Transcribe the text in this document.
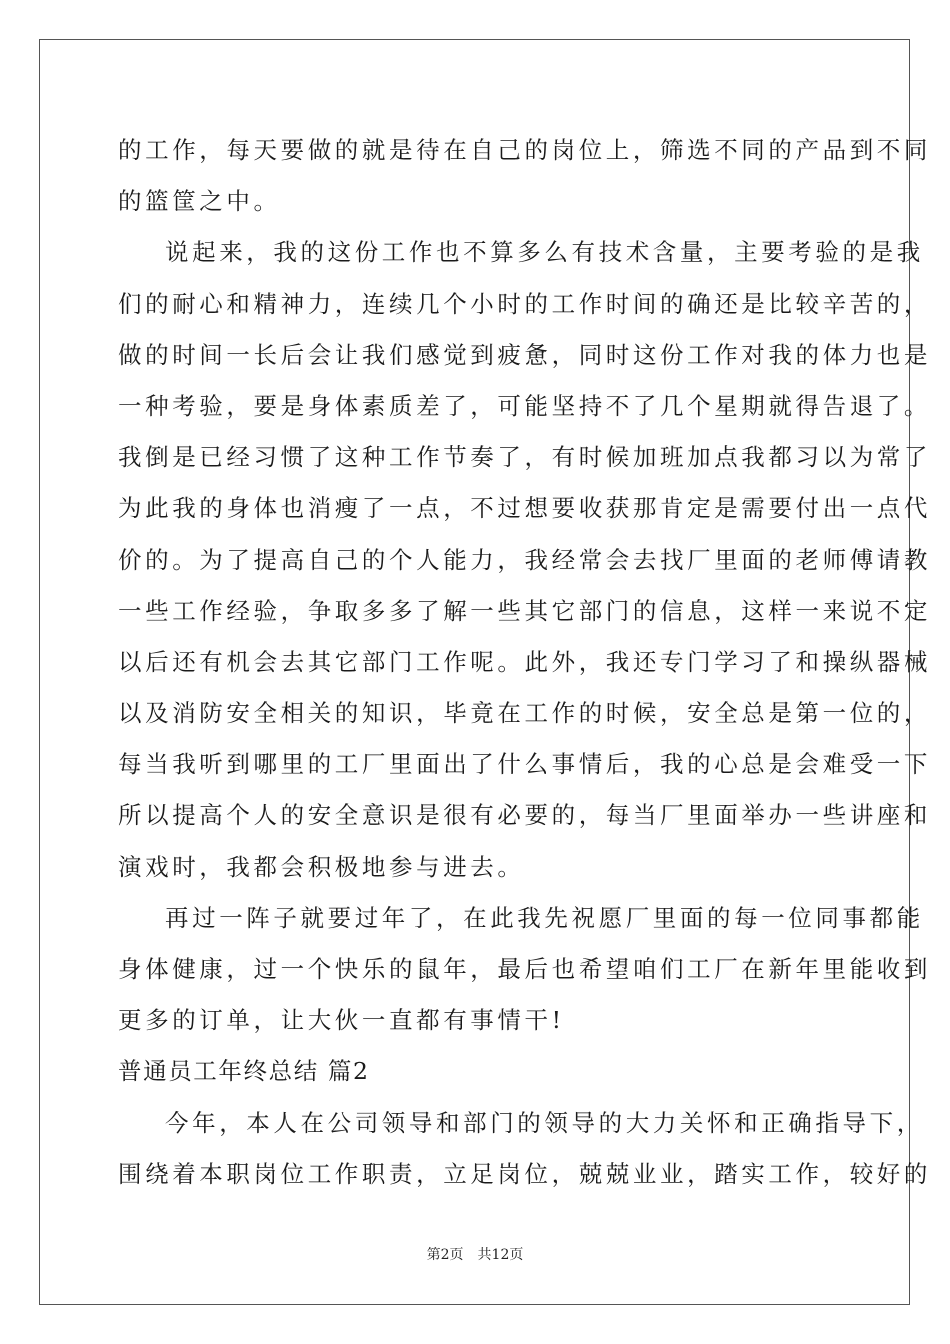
的工作，每天要做的就是待在自己的岗位上，筛选不同的产品到不同
的篮筐之中。
说起来，我的这份工作也不算多么有技术含量，主要考验的是我
们的耐心和精神力，连续几个小时的工作时间的确还是比较辛苦的，
做的时间一长后会让我们感觉到疲惫，同时这份工作对我的体力也是
一种考验，要是身体素质差了，可能坚持不了几个星期就得告退了。
我倒是已经习惯了这种工作节奏了，有时候加班加点我都习以为常了
为此我的身体也消瘦了一点，不过想要收获那肯定是需要付出一点代
价的。为了提高自己的个人能力，我经常会去找厂里面的老师傅请教
一些工作经验，争取多多了解一些其它部门的信息，这样一来说不定
以后还有机会去其它部门工作呢。此外，我还专门学习了和操纵器械
以及消防安全相关的知识，毕竟在工作的时候，安全总是第一位的，
每当我听到哪里的工厂里面出了什么事情后，我的心总是会难受一下
所以提高个人的安全意识是很有必要的，每当厂里面举办一些讲座和
演戏时，我都会积极地参与进去。
再过一阵子就要过年了，在此我先祝愿厂里面的每一位同事都能
身体健康，过一个快乐的鼠年，最后也希望咱们工厂在新年里能收到
更多的订单，让大伙一直都有事情干!
普通员工年终总结 篇2
今年，本人在公司领导和部门的领导的大力关怀和正确指导下，
围绕着本职岗位工作职责，立足岗位，兢兢业业，踏实工作，较好的
第2页 共12页
